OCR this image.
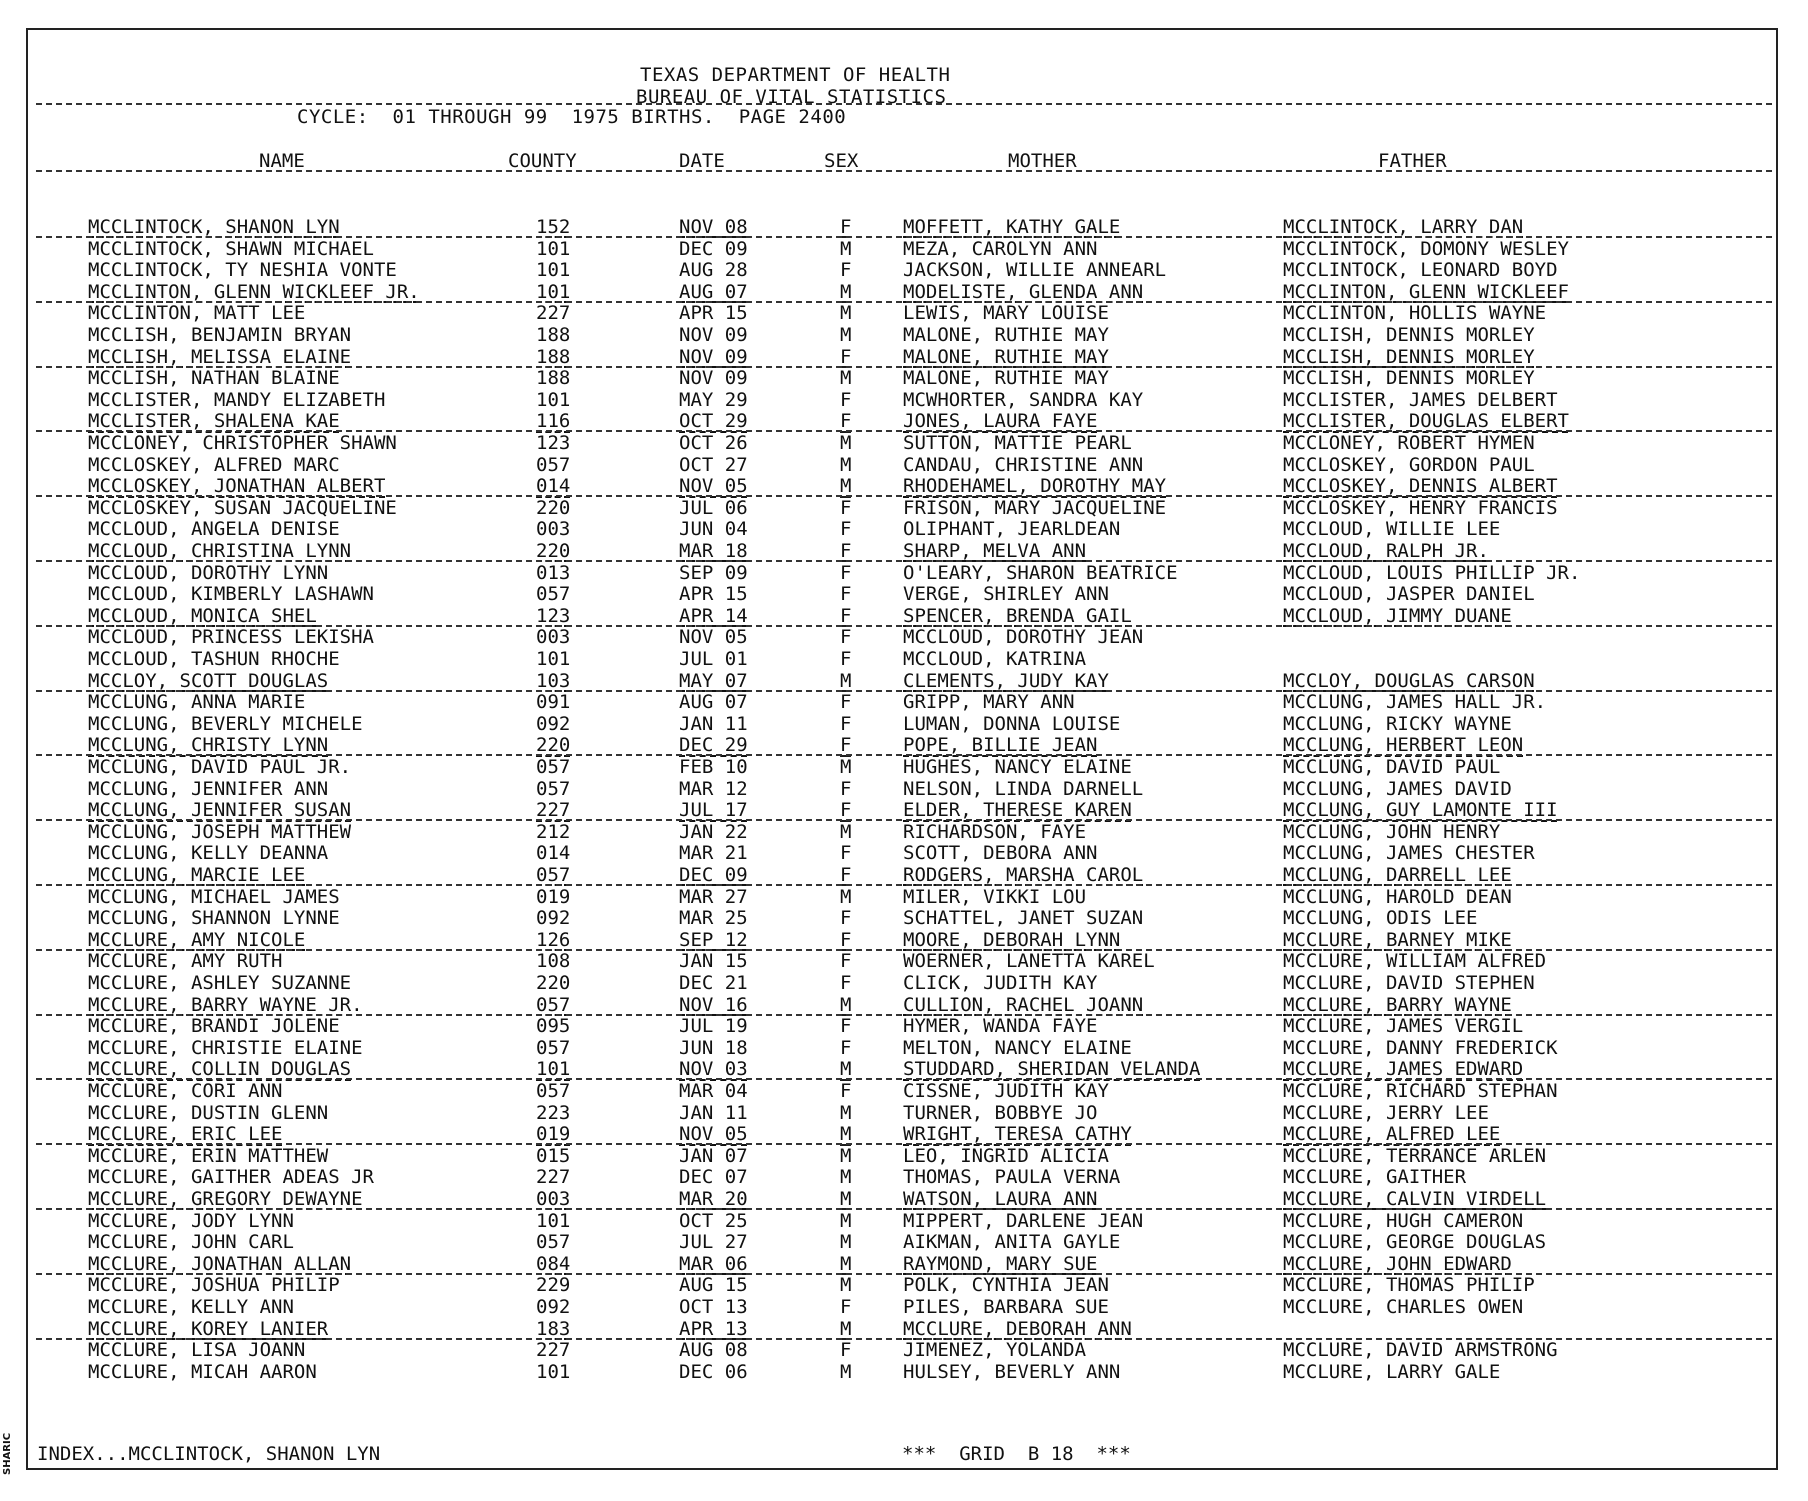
SHARIC
TEXAS DEPARTMENT OF HEALTH
BUREAU OF VITAL STATISTICS
CYCLE:  01 THROUGH 99  1975 BIRTHS.  PAGE 2400
NAME	COUNTY	DATE	SEX	MOTHER	FATHER
MCCLINTOCK, SHANON LYN	152	NOV 08	F	MOFFETT, KATHY GALE	MCCLINTOCK, LARRY DAN
MCCLINTOCK, SHAWN MICHAEL	101	DEC 09	M	MEZA, CAROLYN ANN	MCCLINTOCK, DOMONY WESLEY
MCCLINTOCK, TY NESHIA VONTE	101	AUG 28	F	JACKSON, WILLIE ANNEARL	MCCLINTOCK, LEONARD BOYD
MCCLINTON, GLENN WICKLEEF JR.	101	AUG 07	M	MODELISTE, GLENDA ANN	MCCLINTON, GLENN WICKLEEF
MCCLINTON, MATT LEE	227	APR 15	M	LEWIS, MARY LOUISE	MCCLINTON, HOLLIS WAYNE
MCCLISH, BENJAMIN BRYAN	188	NOV 09	M	MALONE, RUTHIE MAY	MCCLISH, DENNIS MORLEY
MCCLISH, MELISSA ELAINE	188	NOV 09	F	MALONE, RUTHIE MAY	MCCLISH, DENNIS MORLEY
MCCLISH, NATHAN BLAINE	188	NOV 09	M	MALONE, RUTHIE MAY	MCCLISH, DENNIS MORLEY
MCCLISTER, MANDY ELIZABETH	101	MAY 29	F	MCWHORTER, SANDRA KAY	MCCLISTER, JAMES DELBERT
MCCLISTER, SHALENA KAE	116	OCT 29	F	JONES, LAURA FAYE	MCCLISTER, DOUGLAS ELBERT
MCCLONEY, CHRISTOPHER SHAWN	123	OCT 26	M	SUTTON, MATTIE PEARL	MCCLONEY, ROBERT HYMEN
MCCLOSKEY, ALFRED MARC	057	OCT 27	M	CANDAU, CHRISTINE ANN	MCCLOSKEY, GORDON PAUL
MCCLOSKEY, JONATHAN ALBERT	014	NOV 05	M	RHODEHAMEL, DOROTHY MAY	MCCLOSKEY, DENNIS ALBERT
MCCLOSKEY, SUSAN JACQUELINE	220	JUL 06	F	FRISON, MARY JACQUELINE	MCCLOSKEY, HENRY FRANCIS
MCCLOUD, ANGELA DENISE	003	JUN 04	F	OLIPHANT, JEARLDEAN	MCCLOUD, WILLIE LEE
MCCLOUD, CHRISTINA LYNN	220	MAR 18	F	SHARP, MELVA ANN	MCCLOUD, RALPH JR.
MCCLOUD, DOROTHY LYNN	013	SEP 09	F	O'LEARY, SHARON BEATRICE	MCCLOUD, LOUIS PHILLIP JR.
MCCLOUD, KIMBERLY LASHAWN	057	APR 15	F	VERGE, SHIRLEY ANN	MCCLOUD, JASPER DANIEL
MCCLOUD, MONICA SHEL	123	APR 14	F	SPENCER, BRENDA GAIL	MCCLOUD, JIMMY DUANE
MCCLOUD, PRINCESS LEKISHA	003	NOV 05	F	MCCLOUD, DOROTHY JEAN
MCCLOUD, TASHUN RHOCHE	101	JUL 01	F	MCCLOUD, KATRINA
MCCLOY, SCOTT DOUGLAS	103	MAY 07	M	CLEMENTS, JUDY KAY	MCCLOY, DOUGLAS CARSON
MCCLUNG, ANNA MARIE	091	AUG 07	F	GRIPP, MARY ANN	MCCLUNG, JAMES HALL JR.
MCCLUNG, BEVERLY MICHELE	092	JAN 11	F	LUMAN, DONNA LOUISE	MCCLUNG, RICKY WAYNE
MCCLUNG, CHRISTY LYNN	220	DEC 29	F	POPE, BILLIE JEAN	MCCLUNG, HERBERT LEON
MCCLUNG, DAVID PAUL JR.	057	FEB 10	M	HUGHES, NANCY ELAINE	MCCLUNG, DAVID PAUL
MCCLUNG, JENNIFER ANN	057	MAR 12	F	NELSON, LINDA DARNELL	MCCLUNG, JAMES DAVID
MCCLUNG, JENNIFER SUSAN	227	JUL 17	F	ELDER, THERESE KAREN	MCCLUNG, GUY LAMONTE III
MCCLUNG, JOSEPH MATTHEW	212	JAN 22	M	RICHARDSON, FAYE	MCCLUNG, JOHN HENRY
MCCLUNG, KELLY DEANNA	014	MAR 21	F	SCOTT, DEBORA ANN	MCCLUNG, JAMES CHESTER
MCCLUNG, MARCIE LEE	057	DEC 09	F	RODGERS, MARSHA CAROL	MCCLUNG, DARRELL LEE
MCCLUNG, MICHAEL JAMES	019	MAR 27	M	MILER, VIKKI LOU	MCCLUNG, HAROLD DEAN
MCCLUNG, SHANNON LYNNE	092	MAR 25	F	SCHATTEL, JANET SUZAN	MCCLUNG, ODIS LEE
MCCLURE, AMY NICOLE	126	SEP 12	F	MOORE, DEBORAH LYNN	MCCLURE, BARNEY MIKE
MCCLURE, AMY RUTH	108	JAN 15	F	WOERNER, LANETTA KAREL	MCCLURE, WILLIAM ALFRED
MCCLURE, ASHLEY SUZANNE	220	DEC 21	F	CLICK, JUDITH KAY	MCCLURE, DAVID STEPHEN
MCCLURE, BARRY WAYNE JR.	057	NOV 16	M	CULLION, RACHEL JOANN	MCCLURE, BARRY WAYNE
MCCLURE, BRANDI JOLENE	095	JUL 19	F	HYMER, WANDA FAYE	MCCLURE, JAMES VERGIL
MCCLURE, CHRISTIE ELAINE	057	JUN 18	F	MELTON, NANCY ELAINE	MCCLURE, DANNY FREDERICK
MCCLURE, COLLIN DOUGLAS	101	NOV 03	M	STUDDARD, SHERIDAN VELANDA	MCCLURE, JAMES EDWARD
MCCLURE, CORI ANN	057	MAR 04	F	CISSNE, JUDITH KAY	MCCLURE, RICHARD STEPHAN
MCCLURE, DUSTIN GLENN	223	JAN 11	M	TURNER, BOBBYE JO	MCCLURE, JERRY LEE
MCCLURE, ERIC LEE	019	NOV 05	M	WRIGHT, TERESA CATHY	MCCLURE, ALFRED LEE
MCCLURE, ERIN MATTHEW	015	JAN 07	M	LEO, INGRID ALICIA	MCCLURE, TERRANCE ARLEN
MCCLURE, GAITHER ADEAS JR	227	DEC 07	M	THOMAS, PAULA VERNA	MCCLURE, GAITHER
MCCLURE, GREGORY DEWAYNE	003	MAR 20	M	WATSON, LAURA ANN	MCCLURE, CALVIN VIRDELL
MCCLURE, JODY LYNN	101	OCT 25	M	MIPPERT, DARLENE JEAN	MCCLURE, HUGH CAMERON
MCCLURE, JOHN CARL	057	JUL 27	M	AIKMAN, ANITA GAYLE	MCCLURE, GEORGE DOUGLAS
MCCLURE, JONATHAN ALLAN	084	MAR 06	M	RAYMOND, MARY SUE	MCCLURE, JOHN EDWARD
MCCLURE, JOSHUA PHILIP	229	AUG 15	M	POLK, CYNTHIA JEAN	MCCLURE, THOMAS PHILIP
MCCLURE, KELLY ANN	092	OCT 13	F	PILES, BARBARA SUE	MCCLURE, CHARLES OWEN
MCCLURE, KOREY LANIER	183	APR 13	M	MCCLURE, DEBORAH ANN
MCCLURE, LISA JOANN	227	AUG 08	F	JIMENEZ, YOLANDA	MCCLURE, DAVID ARMSTRONG
MCCLURE, MICAH AARON	101	DEC 06	M	HULSEY, BEVERLY ANN	MCCLURE, LARRY GALE
INDEX...MCCLINTOCK, SHANON LYN	***  GRID  B 18  ***
